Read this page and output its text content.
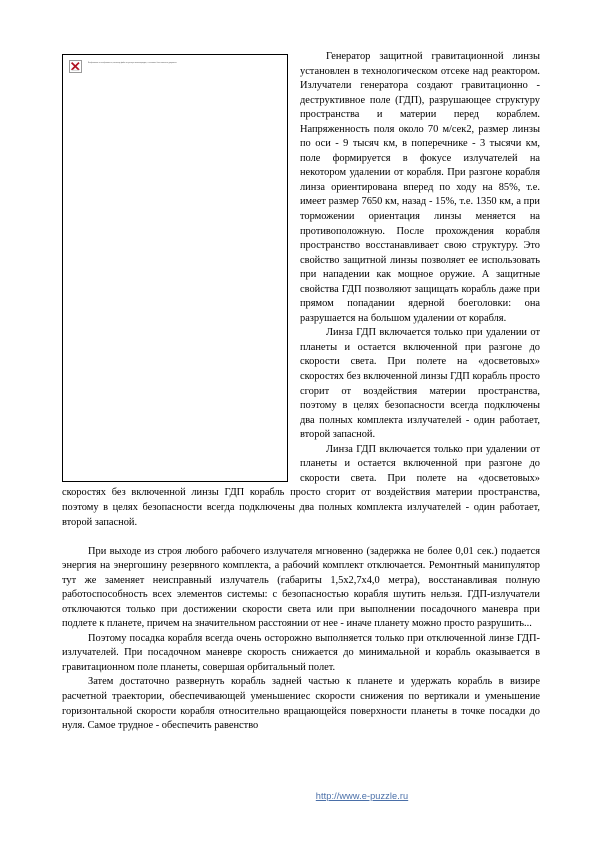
Изображение не отображается, поскольку файл отсутствует или поврежден, и не может быть показан в документе

Генератор защитной гравитационной линзы установлен в технологическом отсеке над реактором. Излучатели генератора создают гравитационно - деструктивное поле (ГДП), разрушающее структуру пространства и материи перед кораблем. Напряженность поля около 70 м/сек2, размер линзы по оси - 9 тысяч км, в поперечнике - 3 тысячи км, поле формируется в фокусе излучателей на некотором удалении от корабля. При разгоне корабля линза ориентирована вперед по ходу на 85%, т.е. имеет размер 7650 км, назад - 15%, т.е. 1350 км, а при торможении ориентация линзы меняется на противоположную. После прохождения корабля пространство восстанавливает свою структуру. Это свойство защитной линзы позволяет ее использовать при нападении как мощное оружие. А защитные свойства ГДП позволяют защищать корабль даже при прямом попадании ядерной боеголовки: она разрушается на большом удалении от корабля.

Линза ГДП включается только при удалении от планеты и остается включенной при разгоне до скорости света. При полете на «досветовых» скоростях без включенной линзы ГДП корабль просто сгорит от воздействия материи пространства, поэтому в целях безопасности всегда подключены два полных комплекта излучателей - один работает, второй запасной.

Линза ГДП включается только при удалении от планеты и остается включенной при разгоне до скорости света. При полете на «досветовых» скоростях без включенной линзы ГДП корабль просто сгорит от воздействия материи пространства, поэтому в целях безопасности всегда подключены два полных комплекта излучателей - один работает, второй запасной.

При выходе из строя любого рабочего излучателя мгновенно (задержка не более 0,01 сек.) подается энергия на энергошину резервного комплекта, а рабочий комплект отключается. Ремонтный манипулятор тут же заменяет неисправный излучатель (габариты 1,5x2,7x4,0 метра), восстанавливая полную работоспособность всех элементов системы: с безопасностью корабля шутить нельзя. ГДП-излучатели отключаются только при достижении скорости света или при выполнении посадочного маневра при подлете к планете, причем на значительном расстоянии от нее - иначе планету можно просто разрушить...

Поэтому посадка корабля всегда очень осторожно выполняется только при отключенной линзе ГДП-излучателей. При посадочном маневре скорость снижается до минимальной и корабль оказывается в гравитационном поле планеты, совершая орбитальный полет.

Затем достаточно развернуть корабль задней частью к планете и удержать корабль в визире расчетной траектории, обеспечивающей уменьшениес скорости снижения по вертикали и уменьшение горизонтальной скорости корабля относительно вращающейся поверхности планеты в точке посадки до нуля. Самое трудное - обеспечить равенство

http://www.e-puzzle.ru
